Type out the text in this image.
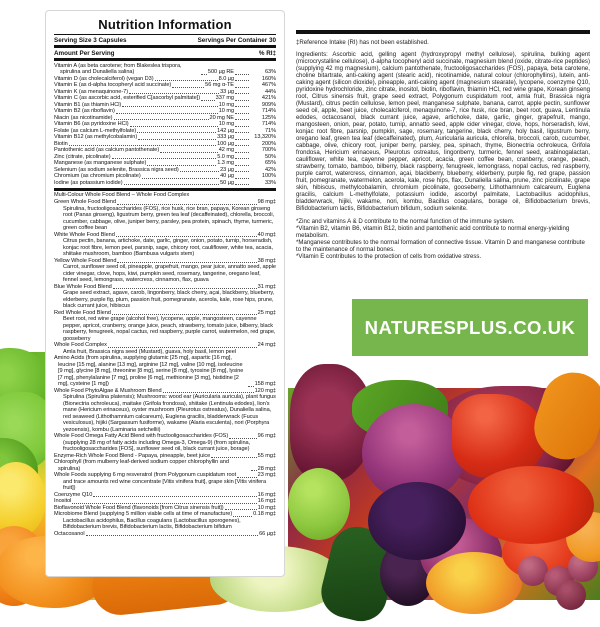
Nutrition Information
Serving Size 3 Capsules	Servings Per Container 30
Amount Per Serving	% RI‡
Vitamin A (as beta carotene; from Blakeslea trispora, spirulina and Dunaliella salina)	500 µg RE	63%
Vitamin D (as cholecalciferol) (vegan D3)	8.0 µg	160%
Vitamin E (as d-alpha tocopheryl acid succinate)	56 mg α-TE	467%
Vitamin K (as menaquinone-7)	33 µg	44%
Vitamin C (as ascorbic acid, esterified C[ascorbyl palmitate])	337 mg	421%
Vitamin B1 (as thiamin HCl)	10 mg	909%
Vitamin B2 (as riboflavin)	10 mg	714%
Niacin (as nicotinamide)	20 mg NE	125%
Vitamin B6 (as pyridoxine HCl)	10 mg	714%
Folate (as calcium L-methylfolate)	142 µg	71%
Vitamin B12 (as methylcobalamin)	333 µg	13,320%
Biotin	100 µg	200%
Pantothenic acid (as calcium pantothenate)	42 mg	700%
Zinc (citrate, picolinate)	5.0 mg	50%
Manganese (as manganese sulphate)	1.3 mg	65%
Selenium (as sodium selenite, Brassica nigra seed)	23 µg	42%
Chromium (as chromium picolinate)	40 µg	100%
Iodine (as potassium iodide)	50 µg	33%
Multi-Colour Whole Food Blend – Whole Food Complex
Green Whole Food Blend	98 mg‡
Spirulina, fructooligosaccharides (FOS), rice husk, rice bran, papaya, Korean ginseng root (Panax ginseng), ligustrum berry, green tea leaf (decaffeinated), chlorella, broccoli, cucumber, cabbage, olive, juniper berry, parsley, pea protein, spinach, thyme, turmeric, green coffee bean
White Whole Food Blend	40 mg‡
Citrus pectin, banana, artichoke, date, garlic, ginger, onion, potato, turnip, horseradish, konjac root fibre, lemon peel, parsnip, sage, chicory root, cauliflower, white tea, acacia, shiitake mushroom, bamboo (Bambusa vulgaris stem)
Yellow Whole Food Blend	38 mg‡
Carrot, sunflower seed oil, pineapple, grapefruit, mango, pear juice, annatto seed, apple cider vinegar, clove, hops, kiwi, pumpkin seed, rosemary, tangerine, oregano leaf, fennel seed, lemongrass, watercress, cinnamon, flax, guava
Blue Whole Food Blend	31 mg‡
Grape seed extract, agave, carob, lingonberry, black cherry, açai, blackberry, blueberry, elderberry, purple fig, plum, passion fruit, pomegranate, acerola, kale, rose hips, prune, black currant juice, hibiscus
Red Whole Food Blend	25 mg‡
Beet root, red wine grape (alcohol free), lycopene, apple, mangosteen, cayenne pepper, apricot, cranberry, orange juice, peach, strawberry, tomato juice, bilberry, black raspberry, fenugreek, nopal cactus, red raspberry, purple carrot, watermelon, red grape, gooseberry
Whole Food Complex	24 mg‡
Amla fruit, Brassica nigra seed (Mustard), guava, holy basil, lemon peel
Amino Acids (from spirulina, supplying glutamic [25 mg], aspartic [16 mg], leucine [15 mg], alanine [13 mg], arginine [12 mg], valine [10 mg], isoleucine [9 mg], glycine [8 mg], threonine [8 mg], serine [8 mg], tyrosine [8 mg], lysine [7 mg], phenylalanine [7 mg], proline [6 mg], methionine [3 mg], histidine [2 mg], cysteine [1 mg])	158 mg‡
Whole Food PhytoAlgae & Mushroom Blend	120 mg‡
Spirulina (Spirulina platensis); Mushrooms: wood ear (Auricularia auricula), plant fungus (Bionectria ochroleuca), maitake (Grifola frondosa), shiitake (Lentinula edodes), lion's mane (Hericium erinaceus), oyster mushroom (Pleurotus ostreatus), Dunaliella salina, red seaweed (Lithothamnium calcareum), Euglena gracilis, bladderwrack (Fucus vesiculosus), hijiki (Sargassum fusiforme), wakame (Alaria esculenta), nori (Porphyra yezoensis), kombu (Laminaria setchellii)
Whole Food Omega Fatty Acid Blend with fructooligosaccharides (FOS)	96 mg‡
(supplying 28 mg of fatty acids including Omega-3, Omega-9) (from spirulina, fructooligosaccharides [FOS], sunflower seed oil, black currant juice, borage)
Enzyme-Rich Whole Food Blend - Papaya, pineapple, beet juice	55 mg‡
Chlorophyll (from mulberry leaf-derived sodium copper chlorophyllin and spirulina)	28 mg‡
Whole Foods supplying 6 mg resveratrol (from Polygonum cuspidatum root	23 mg‡
and trace amounts red wine concentrate [Vitis vinifera fruit], grape skin [Vitis vinifera fruit])
Coenzyme Q10	16 mg‡
Inositol	16 mg‡
Bioflavonoid Whole Food Blend (flavonoids [from Citrus sinensis fruit])	10 mg‡
Microbiome Blend (supplying 5 million viable cells at time of manufacture)	0.18 mg‡
Lactobacillus acidophilus, Bacillus coagulans (Lactobacillus sporogenes), Bifidobacterium brevis, Bifidobacterium lactis, Bifidobacterium bifidum
Octacosanol	66 µg‡
‡Reference Intake (RI) has not been established.
Ingredients: Ascorbic acid, gelling agent (hydroxypropyl methyl cellulose), spirulina, bulking agent (microcrystalline cellulose), d-alpha tocopheryl acid succinate, magnesium blend (oxide, citrate-rice peptides) (supplying 42 mg magnesium), calcium pantothenate, fructooligosaccharides (FOS), papaya, beta carotene, choline bitartrate, anti-caking agent (stearic acid), nicotinamide, natural colour (chlorophyllins), lutein, anti-caking agent (silicon dioxide), pineapple, anti-caking agent (magnesium stearate), lycopene, coenzyme Q10, pyridoxine hydrochloride, zinc citrate, inositol, biotin, riboflavin, thiamin HCl, red wine grape, Korean ginseng root, Citrus sinensis fruit, grape seed extract, Polygonum cuspidatum root, amla fruit, Brassica nigra (Mustard), citrus pectin cellulose, lemon peel, manganese sulphate, banana, carrot, apple pectin, sunflower seed oil, apple, beet juice, cholecalciferol, menaquinone-7, rice husk, rice bran, beet root, guava, Lentinula edodes, octacosanol, black currant juice, agave, artichoke, date, garlic, ginger, grapefruit, mango, mangosteen, onion, pear, potato, turnip, annatto seed, apple cider vinegar, clove, hops, horseradish, kiwi, konjac root fibre, parsnip, pumpkin, sage, rosemary, tangerine, black cherry, holy basil, ligustrum berry, oregano leaf, green tea leaf (decaffeinated), plum, Auricularia auricula, chlorella, broccoli, carob, cucumber, cabbage, olive, chicory root, juniper berry, parsley, pea, spinach, thyme, Bionectria ochroleuca, Grifola frondosa, Hericium erinaceus, Pleurotus ostreatus, lingonberry, turmeric, fennel seed, arabinogalactan, cauliflower, white tea, cayenne pepper, apricot, acacia, green coffee bean, cranberry, orange, peach, strawberry, tomato, bamboo, bilberry, black raspberry, fenugreek, lemongrass, nopal cactus, red raspberry, purple carrot, watercress, cinnamon, açai, blackberry, blueberry, elderberry, purple fig, red grape, passion fruit, pomegranate, watermelon, acerola, kale, rose hips, flax, Dunaliella salina, prune, zinc picolinate, grape skin, hibiscus, methylcobalamin, chromium picolinate, gooseberry, Lithothamnium calcareum, Euglena gracilis, calcium L-methylfolate, potassium iodide, ascorbyl palmitate, Lactobacillus acidophilus, bladderwrack, hijiki, wakame, nori, kombu, Bacillus coagulans, borage oil, Bifidobacterium brevis, Bifidobacterium lactis, Bifidobacterium bifidum, sodium selenite.
*Zinc and vitamins A & D contribute to the normal function of the immune system.
*Vitamin B2, vitamin B6, vitamin B12, biotin and pantothenic acid contribute to normal energy-yielding metabolism.
*Manganese contributes to the normal formation of connective tissue. Vitamin D and manganese contribute to the maintenance of normal bones.
*Vitamin E contributes to the protection of cells from oxidative stress.
NATURESPLUS.CO.UK
